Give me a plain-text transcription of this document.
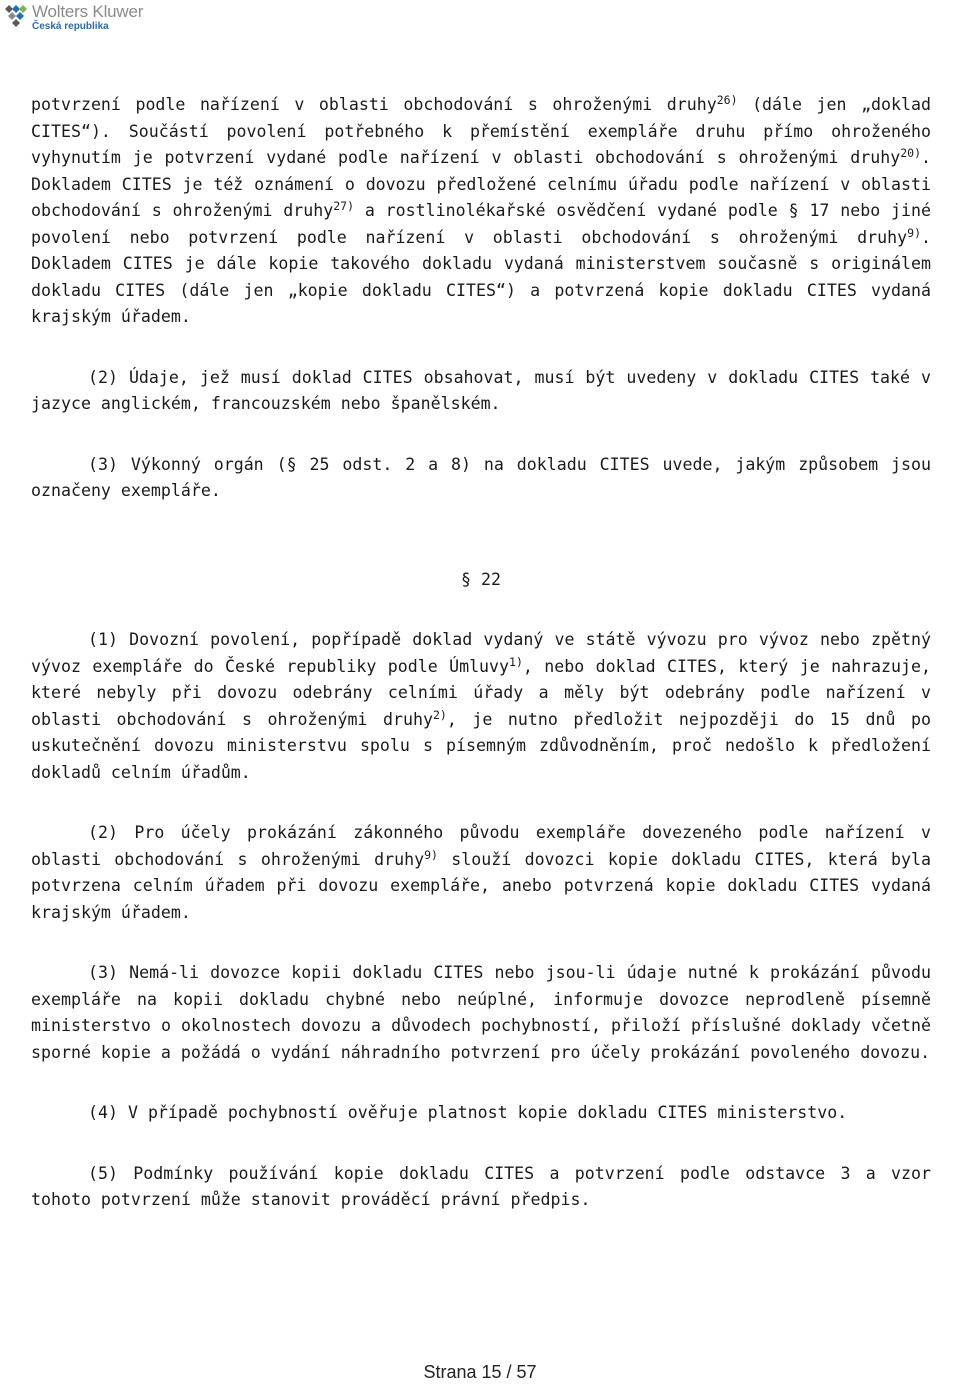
Wolters Kluwer
Česká republika

potvrzení podle nařízení v oblasti obchodování s ohroženými druhy$^{26)}$ (dále jen „doklad CITES“). Součástí povolení potřebného k přemístění exempláře druhu přímo ohroženého vyhynutím je potvrzení vydané podle nařízení v oblasti obchodování s ohroženými druhy$^{20)}$. Dokladem CITES je též oznámení o dovozu předložené celnímu úřadu podle nařízení v oblasti obchodování s ohroženými druhy$^{27)}$ a rostlinolékařské osvědčení vydané podle § 17 nebo jiné povolení nebo potvrzení podle nařízení v oblasti obchodování s ohroženými druhy$^{9)}$. Dokladem CITES je dále kopie takového dokladu vydaná ministerstvem současně s originálem dokladu CITES (dále jen „kopie dokladu CITES“) a potvrzená kopie dokladu CITES vydaná krajským úřadem.

(2) Údaje, jež musí doklad CITES obsahovat, musí být uvedeny v dokladu CITES také v jazyce anglickém, francouzském nebo španělském.

(3) Výkonný orgán (§ 25 odst. 2 a 8) na dokladu CITES uvede, jakým způsobem jsou označeny exempláře.

§ 22

(1) Dovozní povolení, popřípadě doklad vydaný ve státě vývozu pro vývoz nebo zpětný vývoz exempláře do České republiky podle Úmluvy$^{1)}$, nebo doklad CITES, který je nahrazuje, které nebyly při dovozu odebrány celními úřady a měly být odebrány podle nařízení v oblasti obchodování s ohroženými druhy$^{2)}$, je nutno předložit nejpozději do 15 dnů po uskutečnění dovozu ministerstvu spolu s písemným zdůvodněním, proč nedošlo k předložení dokladů celním úřadům.

(2) Pro účely prokázání zákonného původu exempláře dovezeného podle nařízení v oblasti obchodování s ohroženými druhy$^{9)}$ slouží dovozci kopie dokladu CITES, která byla potvrzena celním úřadem při dovozu exempláře, anebo potvrzená kopie dokladu CITES vydaná krajským úřadem.

(3) Nemá-li dovozce kopii dokladu CITES nebo jsou-li údaje nutné k prokázání původu exempláře na kopii dokladu chybné nebo neúplné, informuje dovozce neprodleně písemně ministerstvo o okolnostech dovozu a důvodech pochybností, přiloží příslušné doklady včetně sporné kopie a požádá o vydání náhradního potvrzení pro účely prokázání povoleného dovozu.

(4) V případě pochybností ověřuje platnost kopie dokladu CITES ministerstvo.

(5) Podmínky používání kopie dokladu CITES a potvrzení podle odstavce 3 a vzor tohoto potvrzení může stanovit prováděcí právní předpis.

Strana 15 / 57
